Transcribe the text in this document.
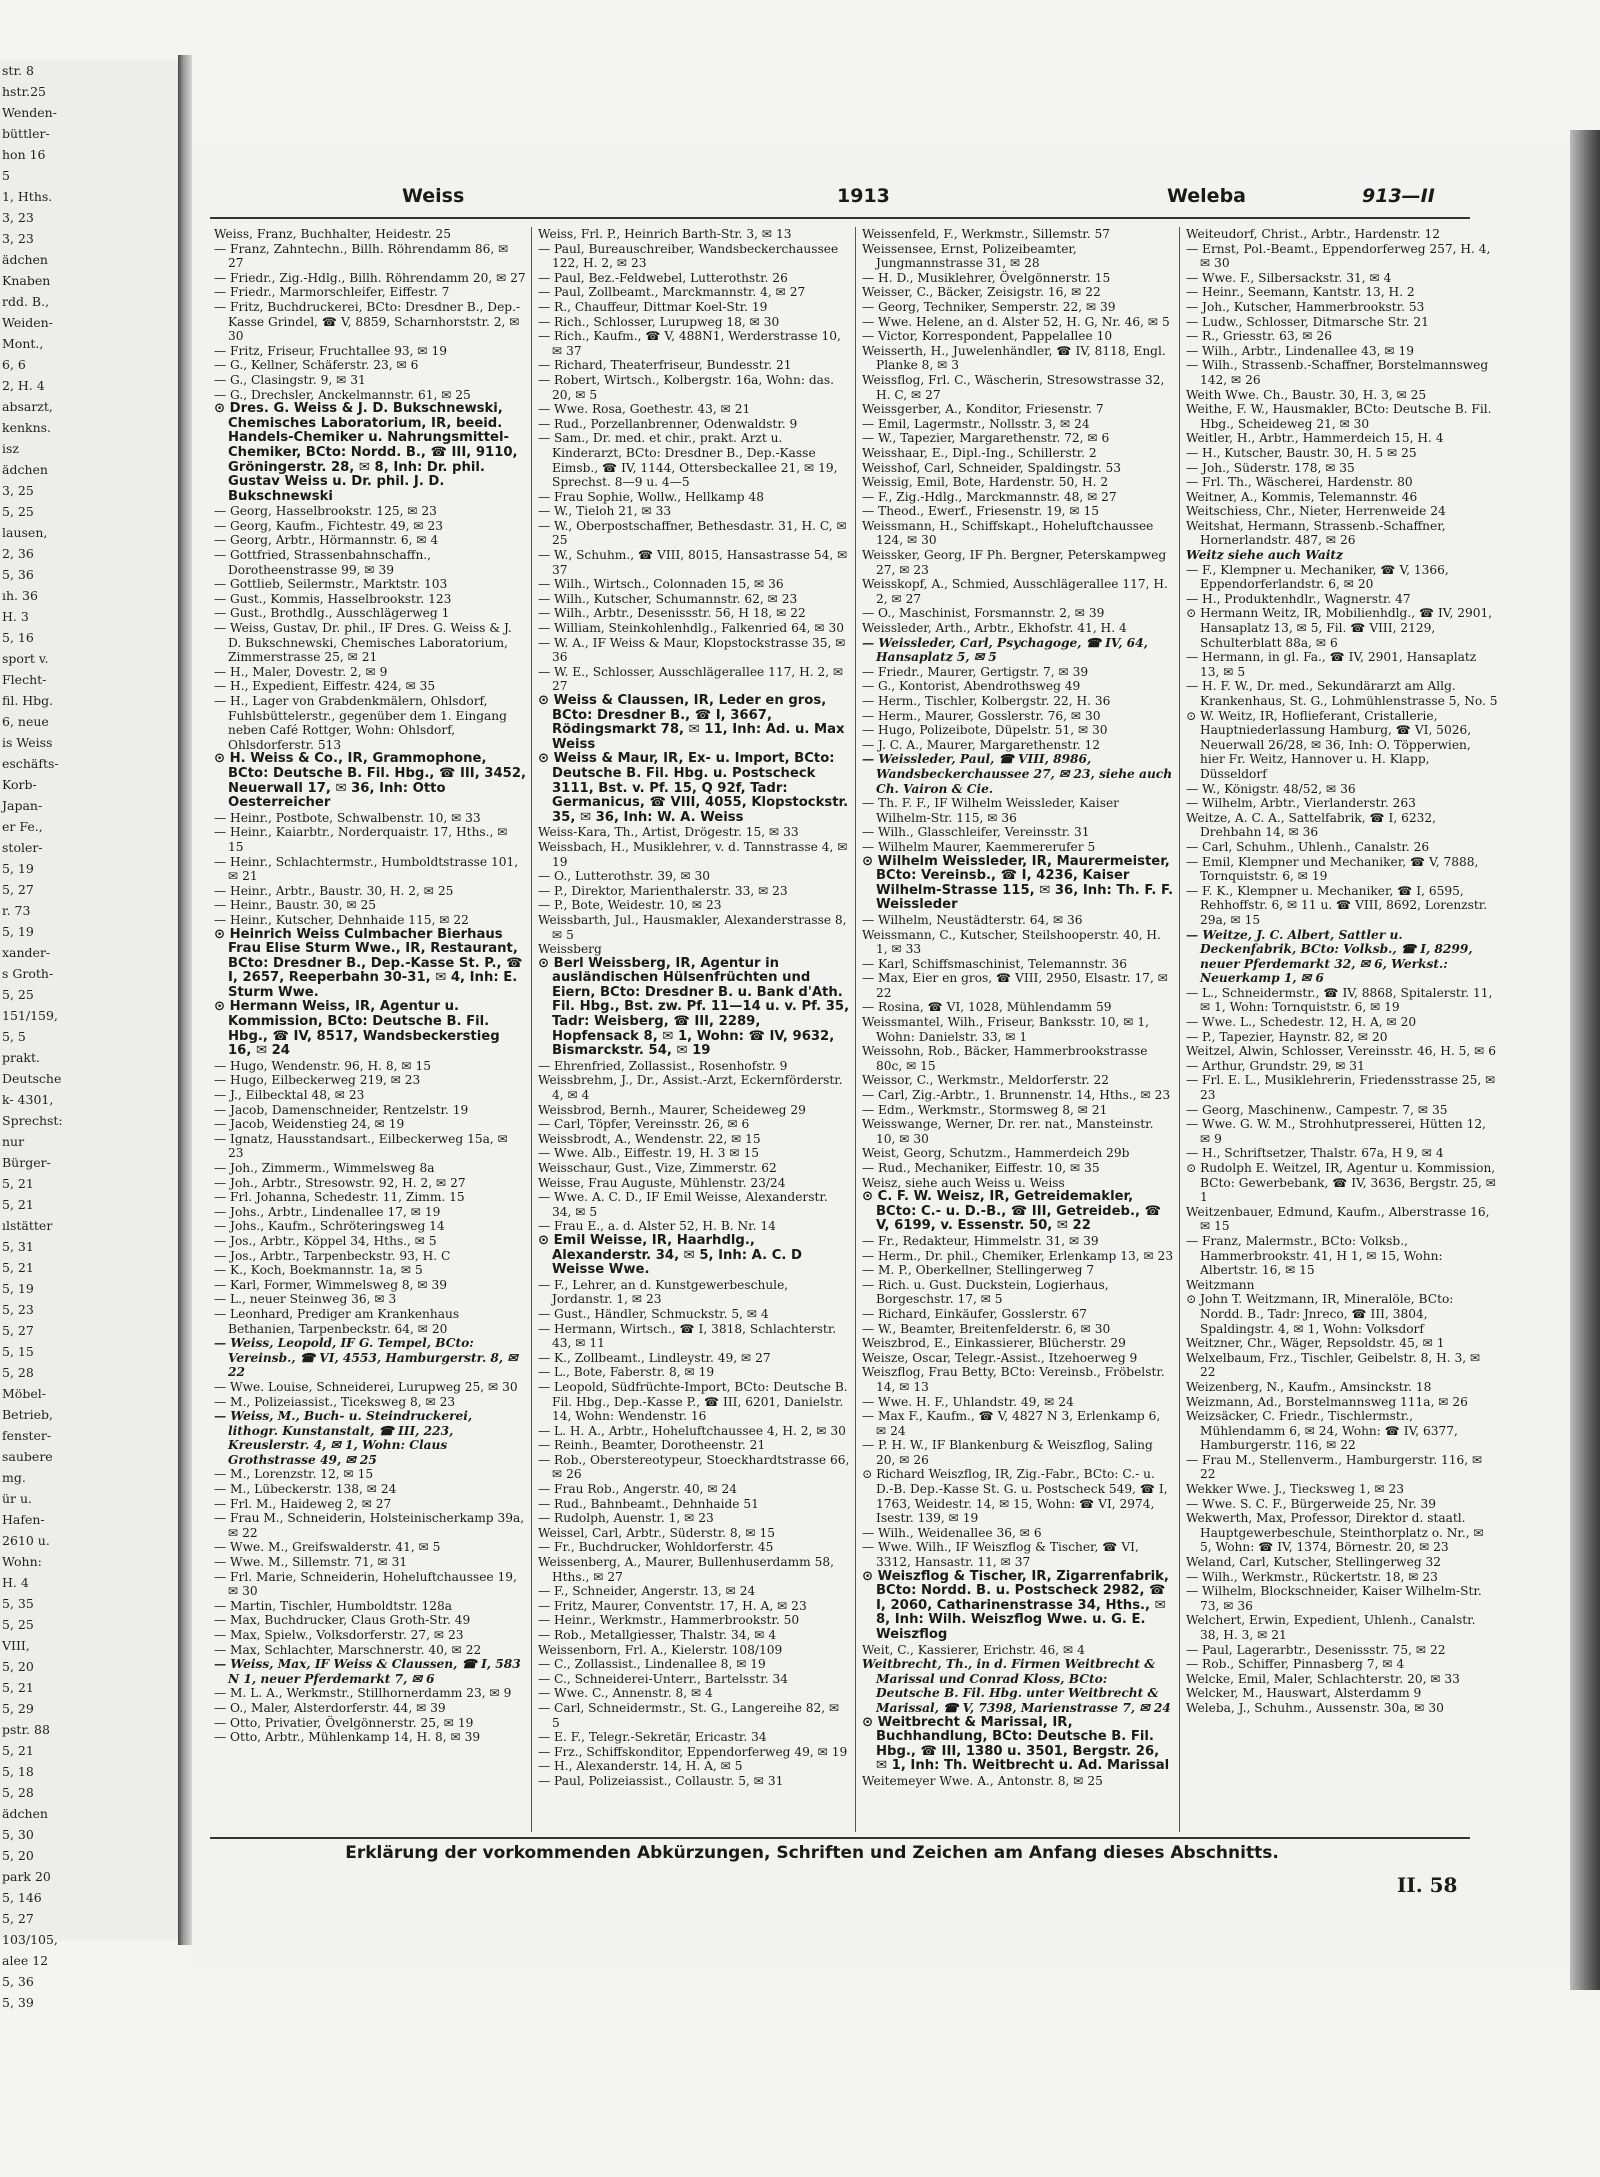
str. 8
hstr.25
Wenden-
büttler-
hon 16
5
1, Hths.
3, 23
3, 23
ädchen
Knaben
rdd. B.,
Weiden-
Mont.,
6, 6
2, H. 4
absarzt,
kenkns.
isz
ädchen
3, 25
5, 25
lausen,
2, 36
5, 36
ıh. 36
H. 3
5, 16
sport v.
Flecht-
fil. Hbg.
6, neue
is Weiss
eschäfts-
Korb-
Japan-
er Fe.,
stoler-
5, 19
5, 27
r. 73
5, 19
xander-
s Groth-
5, 25
151/159,
5, 5
prakt.
Deutsche
k- 4301,
Sprechst:
nur
Bürger-
5, 21
5, 21
ılstätter
5, 31
5, 21
5, 19
5, 23
5, 27
5, 15
5, 28
Möbel-
Betrieb,
fenster-
saubere
mg.
ür u.
Hafen-
2610 u.
Wohn:
H. 4
5, 35
5, 25
VIII,
5, 20
5, 21
5, 29
pstr. 88
5, 21
5, 18
5, 28
ädchen
5, 30
5, 20
park 20
5, 146
5, 27
103/105,
alee 12
5, 36
5, 39
Weiss	1913	Weleba	913—II

Weiss, Franz, Buchhalter, Heidestr. 25

— Franz, Zahntechn., Billh. Röhrendamm 86, ✉ 27

— Friedr., Zig.-Hdlg., Billh. Röhrendamm 20, ✉ 27

— Friedr., Marmorschleifer, Eiffestr. 7

— Fritz, Buchdruckerei, BCto: Dresdner B., Dep.-Kasse Grindel, ☎ V, 8859, Scharnhorststr. 2, ✉ 30

— Fritz, Friseur, Fruchtallee 93, ✉ 19

— G., Kellner, Schäferstr. 23, ✉ 6

— G., Clasingstr. 9, ✉ 31

— G., Drechsler, Anckelmannstr. 61, ✉ 25

⊙ Dres. G. Weiss & J. D. Bukschnewski, Chemisches Laboratorium, IR, beeid. Handels-Chemiker u. Nahrungsmittel-Chemiker, BCto: Nordd. B., ☎ III, 9110, Gröningerstr. 28, ✉ 8, Inh: Dr. phil. Gustav Weiss u. Dr. phil. J. D. Bukschnewski

— Georg, Hasselbrookstr. 125, ✉ 23

— Georg, Kaufm., Fichtestr. 49, ✉ 23

— Georg, Arbtr., Hörmannstr. 6, ✉ 4

— Gottfried, Strassenbahnschaffn., Dorotheenstrasse 99, ✉ 39

— Gottlieb, Seilermstr., Marktstr. 103

— Gust., Kommis, Hasselbrookstr. 123

— Gust., Brothdlg., Ausschlägerweg 1

— Weiss, Gustav, Dr. phil., IF Dres. G. Weiss & J. D. Bukschnewski, Chemisches Laboratorium, Zimmerstrasse 25, ✉ 21

— H., Maler, Dovestr. 2, ✉ 9

— H., Expedient, Eiffestr. 424, ✉ 35

— H., Lager von Grabdenkmälern, Ohlsdorf, Fuhlsbüttelerstr., gegenüber dem 1. Eingang neben Café Rottger, Wohn: Ohlsdorf, Ohlsdorferstr. 513

⊙ H. Weiss & Co., IR, Grammophone, BCto: Deutsche B. Fil. Hbg., ☎ III, 3452, Neuerwall 17, ✉ 36, Inh: Otto Oesterreicher

— Heinr., Postbote, Schwalbenstr. 10, ✉ 33

— Heinr., Kaiarbtr., Norderquaistr. 17, Hths., ✉ 15

— Heinr., Schlachtermstr., Humboldtstrasse 101, ✉ 21

— Heinr., Arbtr., Baustr. 30, H. 2, ✉ 25

— Heinr., Baustr. 30, ✉ 25

— Heinr., Kutscher, Dehnhaide 115, ✉ 22

⊙ Heinrich Weiss Culmbacher Bierhaus Frau Elise Sturm Wwe., IR, Restaurant, BCto: Dresdner B., Dep.-Kasse St. P., ☎ I, 2657, Reeperbahn 30-31, ✉ 4, Inh: E. Sturm Wwe.

⊙ Hermann Weiss, IR, Agentur u. Kommission, BCto: Deutsche B. Fil. Hbg., ☎ IV, 8517, Wandsbeckerstieg 16, ✉ 24

— Hugo, Wendenstr. 96, H. 8, ✉ 15

— Hugo, Eilbeckerweg 219, ✉ 23

— J., Eilbecktal 48, ✉ 23

— Jacob, Damenschneider, Rentzelstr. 19

— Jacob, Weidenstieg 24, ✉ 19

— Ignatz, Hausstandsart., Eilbeckerweg 15a, ✉ 23

— Joh., Zimmerm., Wimmelsweg 8a

— Joh., Arbtr., Stresowstr. 92, H. 2, ✉ 27

— Frl. Johanna, Schedestr. 11, Zimm. 15

— Johs., Arbtr., Lindenallee 17, ✉ 19

— Johs., Kaufm., Schröteringsweg 14

— Jos., Arbtr., Köppel 34, Hths., ✉ 5

— Jos., Arbtr., Tarpenbeckstr. 93, H. C

— K., Koch, Boekmannstr. 1a, ✉ 5

— Karl, Former, Wimmelsweg 8, ✉ 39

— L., neuer Steinweg 36, ✉ 3

— Leonhard, Prediger am Krankenhaus Bethanien, Tarpenbeckstr. 64, ✉ 20

— Weiss, Leopold, IF G. Tempel, BCto: Vereinsb., ☎ VI, 4553, Hamburgerstr. 8, ✉ 22

— Wwe. Louise, Schneiderei, Lurupweg 25, ✉ 30

— M., Polizeiassist., Ticeksweg 8, ✉ 23

— Weiss, M., Buch- u. Steindruckerei, lithogr. Kunstanstalt, ☎ III, 223, Kreuslerstr. 4, ✉ 1, Wohn: Claus Grothstrasse 49, ✉ 25

— M., Lorenzstr. 12, ✉ 15

— M., Lübeckerstr. 138, ✉ 24

— Frl. M., Haideweg 2, ✉ 27

— Frau M., Schneiderin, Holsteinischerkamp 39a, ✉ 22

— Wwe. M., Greifswalderstr. 41, ✉ 5

— Wwe. M., Sillemstr. 71, ✉ 31

— Frl. Marie, Schneiderin, Hoheluftchaussee 19, ✉ 30

— Martin, Tischler, Humboldtstr. 128a

— Max, Buchdrucker, Claus Groth-Str. 49

— Max, Spielw., Volksdorferstr. 27, ✉ 23

— Max, Schlachter, Marschnerstr. 40, ✉ 22

— Weiss, Max, IF Weiss & Claussen, ☎ I, 583 N 1, neuer Pferdemarkt 7, ✉ 6

— M. L. A., Werkmstr., Stillhornerdamm 23, ✉ 9

— O., Maler, Alsterdorferstr. 44, ✉ 39

— Otto, Privatier, Övelgönnerstr. 25, ✉ 19

— Otto, Arbtr., Mühlenkamp 14, H. 8, ✉ 39

Weiss, Frl. P., Heinrich Barth-Str. 3, ✉ 13

— Paul, Bureauschreiber, Wandsbeckerchaussee 122, H. 2, ✉ 23

— Paul, Bez.-Feldwebel, Lutterothstr. 26

— Paul, Zollbeamt., Marckmannstr. 4, ✉ 27

— R., Chauffeur, Dittmar Koel-Str. 19

— Rich., Schlosser, Lurupweg 18, ✉ 30

— Rich., Kaufm., ☎ V, 488N1, Werderstrasse 10, ✉ 37

— Richard, Theaterfriseur, Bundesstr. 21

— Robert, Wirtsch., Kolbergstr. 16a, Wohn: das. 20, ✉ 5

— Wwe. Rosa, Goethestr. 43, ✉ 21

— Rud., Porzellanbrenner, Odenwaldstr. 9

— Sam., Dr. med. et chir., prakt. Arzt u. Kinderarzt, BCto: Dresdner B., Dep.-Kasse Eimsb., ☎ IV, 1144, Ottersbeckallee 21, ✉ 19, Sprechst. 8—9 u. 4—5

— Frau Sophie, Wollw., Hellkamp 48

— W., Tieloh 21, ✉ 33

— W., Oberpostschaffner, Bethesdastr. 31, H. C, ✉ 25

— W., Schuhm., ☎ VIII, 8015, Hansastrasse 54, ✉ 37

— Wilh., Wirtsch., Colonnaden 15, ✉ 36

— Wilh., Kutscher, Schumannstr. 62, ✉ 23

— Wilh., Arbtr., Desenissstr. 56, H 18, ✉ 22

— William, Steinkohlenhdlg., Falkenried 64, ✉ 30

— W. A., IF Weiss & Maur, Klopstockstrasse 35, ✉ 36

— W. E., Schlosser, Ausschlägerallee 117, H. 2, ✉ 27

⊙ Weiss & Claussen, IR, Leder en gros, BCto: Dresdner B., ☎ I, 3667, Rödingsmarkt 78, ✉ 11, Inh: Ad. u. Max Weiss

⊙ Weiss & Maur, IR, Ex- u. Import, BCto: Deutsche B. Fil. Hbg. u. Postscheck 3111, Bst. v. Pf. 15, Q 92f, Tadr: Germanicus, ☎ VIII, 4055, Klopstockstr. 35, ✉ 36, Inh: W. A. Weiss

Weiss-Kara, Th., Artist, Drögestr. 15, ✉ 33

Weissbach, H., Musiklehrer, v. d. Tannstrasse 4, ✉ 19

— O., Lutterothstr. 39, ✉ 30

— P., Direktor, Marienthalerstr. 33, ✉ 23

— P., Bote, Weidestr. 10, ✉ 23

Weissbarth, Jul., Hausmakler, Alexanderstrasse 8, ✉ 5

Weissberg

⊙ Berl Weissberg, IR, Agentur in ausländischen Hülsenfrüchten und Eiern, BCto: Dresdner B. u. Bank d'Ath. Fil. Hbg., Bst. zw. Pf. 11—14 u. v. Pf. 35, Tadr: Weisberg, ☎ III, 2289, Hopfensack 8, ✉ 1, Wohn: ☎ IV, 9632, Bismarckstr. 54, ✉ 19

— Ehrenfried, Zollassist., Rosenhofstr. 9

Weissbrehm, J., Dr., Assist.-Arzt, Eckernförderstr. 4, ✉ 4

Weissbrod, Bernh., Maurer, Scheideweg 29

— Carl, Töpfer, Vereinsstr. 26, ✉ 6

Weissbrodt, A., Wendenstr. 22, ✉ 15

— Wwe. Alb., Eiffestr. 19, H. 3 ✉ 15

Weisschaur, Gust., Vize, Zimmerstr. 62

Weisse, Frau Auguste, Mühlenstr. 23/24

— Wwe. A. C. D., IF Emil Weisse, Alexanderstr. 34, ✉ 5

— Frau E., a. d. Alster 52, H. B. Nr. 14

⊙ Emil Weisse, IR, Haarhdlg., Alexanderstr. 34, ✉ 5, Inh: A. C. D Weisse Wwe.

— F., Lehrer, an d. Kunstgewerbeschule, Jordanstr. 1, ✉ 23

— Gust., Händler, Schmuckstr. 5, ✉ 4

— Hermann, Wirtsch., ☎ I, 3818, Schlachterstr. 43, ✉ 11

— K., Zollbeamt., Lindleystr. 49, ✉ 27

— L., Bote, Faberstr. 8, ✉ 19

— Leopold, Südfrüchte-Import, BCto: Deutsche B. Fil. Hbg., Dep.-Kasse P., ☎ III, 6201, Danielstr. 14, Wohn: Wendenstr. 16

— L. H. A., Arbtr., Hoheluftchaussee 4, H. 2, ✉ 30

— Reinh., Beamter, Dorotheenstr. 21

— Rob., Oberstereotypeur, Stoeckhardtstrasse 66, ✉ 26

— Frau Rob., Angerstr. 40, ✉ 24

— Rud., Bahnbeamt., Dehnhaide 51

— Rudolph, Auenstr. 1, ✉ 23

Weissel, Carl, Arbtr., Süderstr. 8, ✉ 15

— Fr., Buchdrucker, Wohldorferstr. 45

Weissenberg, A., Maurer, Bullenhuserdamm 58, Hths., ✉ 27

— F., Schneider, Angerstr. 13, ✉ 24

— Fritz, Maurer, Conventstr. 17, H. A, ✉ 23

— Heinr., Werkmstr., Hammerbrookstr. 50

— Rob., Metallgiesser, Thalstr. 34, ✉ 4

Weissenborn, Frl. A., Kielerstr. 108/109

— C., Zollassist., Lindenallee 8, ✉ 19

— C., Schneiderei-Unterr., Bartelsstr. 34

— Wwe. C., Annenstr. 8, ✉ 4

— Carl, Schneidermstr., St. G., Langereihe 82, ✉ 5

— E. F., Telegr.-Sekretär, Ericastr. 34

— Frz., Schiffskonditor, Eppendorferweg 49, ✉ 19

— H., Alexanderstr. 14, H. A, ✉ 5

— Paul, Polizeiassist., Collaustr. 5, ✉ 31

Weissenfeld, F., Werkmstr., Sillemstr. 57

Weissensee, Ernst, Polizeibeamter, Jungmannstrasse 31, ✉ 28

— H. D., Musiklehrer, Övelgönnerstr. 15

Weisser, C., Bäcker, Zeisigstr. 16, ✉ 22

— Georg, Techniker, Semperstr. 22, ✉ 39

— Wwe. Helene, an d. Alster 52, H. G, Nr. 46, ✉ 5

— Victor, Korrespondent, Pappelallee 10

Weisserth, H., Juwelenhändler, ☎ IV, 8118, Engl. Planke 8, ✉ 3

Weissflog, Frl. C., Wäscherin, Stresowstrasse 32, H. C, ✉ 27

Weissgerber, A., Konditor, Friesenstr. 7

— Emil, Lagermstr., Nollsstr. 3, ✉ 24

— W., Tapezier, Margarethenstr. 72, ✉ 6

Weisshaar, E., Dipl.-Ing., Schillerstr. 2

Weisshof, Carl, Schneider, Spaldingstr. 53

Weissig, Emil, Bote, Hardenstr. 50, H. 2

— F., Zig.-Hdlg., Marckmannstr. 48, ✉ 27

— Theod., Ewerf., Friesenstr. 19, ✉ 15

Weissmann, H., Schiffskapt., Hoheluftchaussee 124, ✉ 30

Weissker, Georg, IF Ph. Bergner, Peterskampweg 27, ✉ 23

Weisskopf, A., Schmied, Ausschlägerallee 117, H. 2, ✉ 27

— O., Maschinist, Forsmannstr. 2, ✉ 39

Weissleder, Arth., Arbtr., Ekhofstr. 41, H. 4

— Weissleder, Carl, Psychagoge, ☎ IV, 64, Hansaplatz 5, ✉ 5

— Friedr., Maurer, Gertigstr. 7, ✉ 39

— G., Kontorist, Abendrothsweg 49

— Herm., Tischler, Kolbergstr. 22, H. 36

— Herm., Maurer, Gosslerstr. 76, ✉ 30

— Hugo, Polizeibote, Düpelstr. 51, ✉ 30

— J. C. A., Maurer, Margarethenstr. 12

— Weissleder, Paul, ☎ VIII, 8986, Wandsbeckerchaussee 27, ✉ 23, siehe auch Ch. Vairon & Cie.

— Th. F. F., IF Wilhelm Weissleder, Kaiser Wilhelm-Str. 115, ✉ 36

— Wilh., Glasschleifer, Vereinsstr. 31

— Wilhelm Maurer, Kaemmererufer 5

⊙ Wilhelm Weissleder, IR, Maurermeister, BCto: Vereinsb., ☎ I, 4236, Kaiser Wilhelm-Strasse 115, ✉ 36, Inh: Th. F. F. Weissleder

— Wilhelm, Neustädterstr. 64, ✉ 36

Weissmann, C., Kutscher, Steilshooperstr. 40, H. 1, ✉ 33

— Karl, Schiffsmaschinist, Telemannstr. 36

— Max, Eier en gros, ☎ VIII, 2950, Elsastr. 17, ✉ 22

— Rosina, ☎ VI, 1028, Mühlendamm 59

Weissmantel, Wilh., Friseur, Banksstr. 10, ✉ 1, Wohn: Danielstr. 33, ✉ 1

Weissohn, Rob., Bäcker, Hammerbrookstrasse 80c, ✉ 15

Weissor, C., Werkmstr., Meldorferstr. 22

— Carl, Zig.-Arbtr., 1. Brunnenstr. 14, Hths., ✉ 23

— Edm., Werkmstr., Stormsweg 8, ✉ 21

Weisswange, Werner, Dr. rer. nat., Mansteinstr. 10, ✉ 30

Weist, Georg, Schutzm., Hammerdeich 29b

— Rud., Mechaniker, Eiffestr. 10, ✉ 35

Weisz, siehe auch Weiss u. Weiss

⊙ C. F. W. Weisz, IR, Getreidemakler, BCto: C.- u. D.-B., ☎ III, Getreideb., ☎ V, 6199, v. Essenstr. 50, ✉ 22

— Fr., Redakteur, Himmelstr. 31, ✉ 39

— Herm., Dr. phil., Chemiker, Erlenkamp 13, ✉ 23

— M. P., Oberkellner, Stellingerweg 7

— Rich. u. Gust. Duckstein, Logierhaus, Borgeschstr. 17, ✉ 5

— Richard, Einkäufer, Gosslerstr. 67

— W., Beamter, Breitenfelderstr. 6, ✉ 30

Weiszbrod, E., Einkassierer, Blücherstr. 29

Weisze, Oscar, Telegr.-Assist., Itzehoerweg 9

Weiszflog, Frau Betty, BCto: Vereinsb., Fröbelstr. 14, ✉ 13

— Wwe. H. F., Uhlandstr. 49, ✉ 24

— Max F., Kaufm., ☎ V, 4827 N 3, Erlenkamp 6, ✉ 24

— P. H. W., IF Blankenburg & Weiszflog, Saling 20, ✉ 26

⊙ Richard Weiszflog, IR, Zig.-Fabr., BCto: C.- u. D.-B. Dep.-Kasse St. G. u. Postscheck 549, ☎ I, 1763, Weidestr. 14, ✉ 15, Wohn: ☎ VI, 2974, Isestr. 139, ✉ 19

— Wilh., Weidenallee 36, ✉ 6

— Wwe. Wilh., IF Weiszflog & Tischer, ☎ VI, 3312, Hansastr. 11, ✉ 37

⊙ Weiszflog & Tischer, IR, Zigarrenfabrik, BCto: Nordd. B. u. Postscheck 2982, ☎ I, 2060, Catharinenstrasse 34, Hths., ✉ 8, Inh: Wilh. Weiszflog Wwe. u. G. E. Weiszflog

Weit, C., Kassierer, Erichstr. 46, ✉ 4

Weitbrecht, Th., in d. Firmen Weitbrecht & Marissal und Conrad Kloss, BCto: Deutsche B. Fil. Hbg. unter Weitbrecht & Marissal, ☎ V, 7398, Marienstrasse 7, ✉ 24

⊙ Weitbrecht & Marissal, IR, Buchhandlung, BCto: Deutsche B. Fil. Hbg., ☎ III, 1380 u. 3501, Bergstr. 26, ✉ 1, Inh: Th. Weitbrecht u. Ad. Marissal

Weitemeyer Wwe. A., Antonstr. 8, ✉ 25

Weiteudorf, Christ., Arbtr., Hardenstr. 12

— Ernst, Pol.-Beamt., Eppendorferweg 257, H. 4, ✉ 30

— Wwe. F., Silbersackstr. 31, ✉ 4

— Heinr., Seemann, Kantstr. 13, H. 2

— Joh., Kutscher, Hammerbrookstr. 53

— Ludw., Schlosser, Ditmarsche Str. 21

— R., Griesstr. 63, ✉ 26

— Wilh., Arbtr., Lindenallee 43, ✉ 19

— Wilh., Strassenb.-Schaffner, Borstelmannsweg 142, ✉ 26

Weith Wwe. Ch., Baustr. 30, H. 3, ✉ 25

Weithe, F. W., Hausmakler, BCto: Deutsche B. Fil. Hbg., Scheideweg 21, ✉ 30

Weitler, H., Arbtr., Hammerdeich 15, H. 4

— H., Kutscher, Baustr. 30, H. 5 ✉ 25

— Joh., Süderstr. 178, ✉ 35

— Frl. Th., Wäscherei, Hardenstr. 80

Weitner, A., Kommis, Telemannstr. 46

Weitschiess, Chr., Nieter, Herrenweide 24

Weitshat, Hermann, Strassenb.-Schaffner, Hornerlandstr. 487, ✉ 26

Weitz siehe auch Waitz

— F., Klempner u. Mechaniker, ☎ V, 1366, Eppendorferlandstr. 6, ✉ 20

— H., Produktenhdlr., Wagnerstr. 47

⊙ Hermann Weitz, IR, Mobilienhdlg., ☎ IV, 2901, Hansaplatz 13, ✉ 5, Fil. ☎ VIII, 2129, Schulterblatt 88a, ✉ 6

— Hermann, in gl. Fa., ☎ IV, 2901, Hansaplatz 13, ✉ 5

— H. F. W., Dr. med., Sekundärarzt am Allg. Krankenhaus, St. G., Lohmühlenstrasse 5, No. 5

⊙ W. Weitz, IR, Hoflieferant, Cristallerie, Hauptniederlassung Hamburg, ☎ VI, 5026, Neuerwall 26/28, ✉ 36, Inh: O. Töpperwien, hier Fr. Weitz, Hannover u. H. Klapp, Düsseldorf

— W., Königstr. 48/52, ✉ 36

— Wilhelm, Arbtr., Vierlanderstr. 263

Weitze, A. C. A., Sattelfabrik, ☎ I, 6232, Drehbahn 14, ✉ 36

— Carl, Schuhm., Uhlenh., Canalstr. 26

— Emil, Klempner und Mechaniker, ☎ V, 7888, Tornquiststr. 6, ✉ 19

— F. K., Klempner u. Mechaniker, ☎ I, 6595, Rehhoffstr. 6, ✉ 11 u. ☎ VIII, 8692, Lorenzstr. 29a, ✉ 15

— Weitze, J. C. Albert, Sattler u. Deckenfabrik, BCto: Volksb., ☎ I, 8299, neuer Pferdemarkt 32, ✉ 6, Werkst.: Neuerkamp 1, ✉ 6

— L., Schneidermstr., ☎ IV, 8868, Spitalerstr. 11, ✉ 1, Wohn: Tornquiststr. 6, ✉ 19

— Wwe. L., Schedestr. 12, H. A, ✉ 20

— P., Tapezier, Haynstr. 82, ✉ 20

Weitzel, Alwin, Schlosser, Vereinsstr. 46, H. 5, ✉ 6

— Arthur, Grundstr. 29, ✉ 31

— Frl. E. L., Musiklehrerin, Friedensstrasse 25, ✉ 23

— Georg, Maschinenw., Campestr. 7, ✉ 35

— Wwe. G. W. M., Strohhutpresserei, Hütten 12, ✉ 9

— H., Schriftsetzer, Thalstr. 67a, H 9, ✉ 4

⊙ Rudolph E. Weitzel, IR, Agentur u. Kommission, BCto: Gewerbebank, ☎ IV, 3636, Bergstr. 25, ✉ 1

Weitzenbauer, Edmund, Kaufm., Alberstrasse 16, ✉ 15

— Franz, Malermstr., BCto: Volksb., Hammerbrookstr. 41, H 1, ✉ 15, Wohn: Albertstr. 16, ✉ 15

Weitzmann

⊙ John T. Weitzmann, IR, Mineralöle, BCto: Nordd. B., Tadr: Jnreco, ☎ III, 3804, Spaldingstr. 4, ✉ 1, Wohn: Volksdorf

Weitzner, Chr., Wäger, Repsoldstr. 45, ✉ 1

Welxelbaum, Frz., Tischler, Geibelstr. 8, H. 3, ✉ 22

Weizenberg, N., Kaufm., Amsinckstr. 18

Weizmann, Ad., Borstelmannsweg 111a, ✉ 26

Weizsäcker, C. Friedr., Tischlermstr., Mühlendamm 6, ✉ 24, Wohn: ☎ IV, 6377, Hamburgerstr. 116, ✉ 22

— Frau M., Stellenverm., Hamburgerstr. 116, ✉ 22

Wekker Wwe. J., Tiecksweg 1, ✉ 23

— Wwe. S. C. F., Bürgerweide 25, Nr. 39

Wekwerth, Max, Professor, Direktor d. staatl. Hauptgewerbeschule, Steinthorplatz o. Nr., ✉ 5, Wohn: ☎ IV, 1374, Börnestr. 20, ✉ 23

Weland, Carl, Kutscher, Stellingerweg 32

— Wilh., Werkmstr., Rückertstr. 18, ✉ 23

— Wilhelm, Blockschneider, Kaiser Wilhelm-Str. 73, ✉ 36

Welchert, Erwin, Expedient, Uhlenh., Canalstr. 38, H. 3, ✉ 21

— Paul, Lagerarbtr., Desenissstr. 75, ✉ 22

— Rob., Schiffer, Pinnasberg 7, ✉ 4

Welcke, Emil, Maler, Schlachterstr. 20, ✉ 33

Welcker, M., Hauswart, Alsterdamm 9

Weleba, J., Schuhm., Aussenstr. 30a, ✉ 30

Erklärung der vorkommenden Abkürzungen, Schriften und Zeichen am Anfang dieses Abschnitts.
II. 58
